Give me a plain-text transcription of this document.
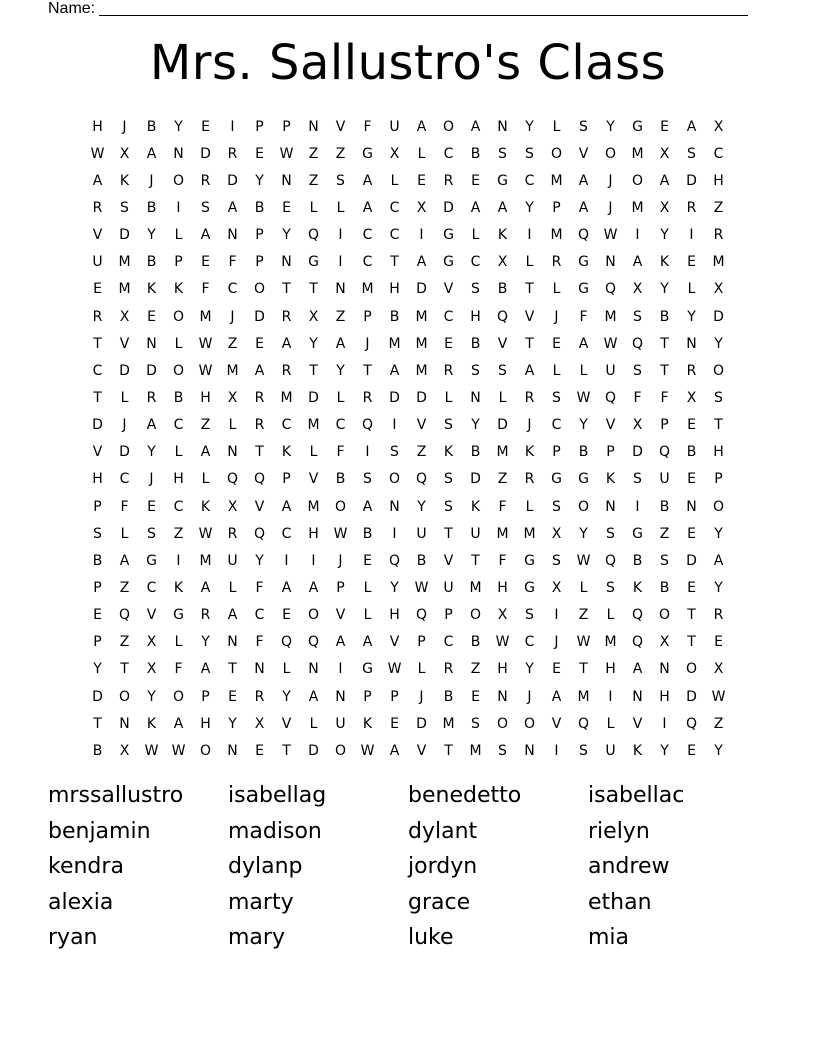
Name:
Mrs. Sallustro's Class
H	J	B	Y	E	I	P	P	N	V	F	U	A	O	A	N	Y	L	S	Y	G	E	A	X
W	X	A	N	D	R	E	W	Z	Z	G	X	L	C	B	S	S	O	V	O	M	X	S	C
A	K	J	O	R	D	Y	N	Z	S	A	L	E	R	E	G	C	M	A	J	O	A	D	H
R	S	B	I	S	A	B	E	L	L	A	C	X	D	A	A	Y	P	A	J	M	X	R	Z
V	D	Y	L	A	N	P	Y	Q	I	C	C	I	G	L	K	I	M	Q	W	I	Y	I	R
U	M	B	P	E	F	P	N	G	I	C	T	A	G	C	X	L	R	G	N	A	K	E	M
E	M	K	K	F	C	O	T	T	N	M	H	D	V	S	B	T	L	G	Q	X	Y	L	X
R	X	E	O	M	J	D	R	X	Z	P	B	M	C	H	Q	V	J	F	M	S	B	Y	D
T	V	N	L	W	Z	E	A	Y	A	J	M	M	E	B	V	T	E	A	W	Q	T	N	Y
C	D	D	O	W	M	A	R	T	Y	T	A	M	R	S	S	A	L	L	U	S	T	R	O
T	L	R	B	H	X	R	M	D	L	R	D	D	L	N	L	R	S	W	Q	F	F	X	S
D	J	A	C	Z	L	R	C	M	C	Q	I	V	S	Y	D	J	C	Y	V	X	P	E	T
V	D	Y	L	A	N	T	K	L	F	I	S	Z	K	B	M	K	P	B	P	D	Q	B	H
H	C	J	H	L	Q	Q	P	V	B	S	O	Q	S	D	Z	R	G	G	K	S	U	E	P
P	F	E	C	K	X	V	A	M	O	A	N	Y	S	K	F	L	S	O	N	I	B	N	O
S	L	S	Z	W	R	Q	C	H	W	B	I	U	T	U	M	M	X	Y	S	G	Z	E	Y
B	A	G	I	M	U	Y	I	I	J	E	Q	B	V	T	F	G	S	W	Q	B	S	D	A
P	Z	C	K	A	L	F	A	A	P	L	Y	W	U	M	H	G	X	L	S	K	B	E	Y
E	Q	V	G	R	A	C	E	O	V	L	H	Q	P	O	X	S	I	Z	L	Q	O	T	R
P	Z	X	L	Y	N	F	Q	Q	A	A	V	P	C	B	W	C	J	W	M	Q	X	T	E
Y	T	X	F	A	T	N	L	N	I	G	W	L	R	Z	H	Y	E	T	H	A	N	O	X
D	O	Y	O	P	E	R	Y	A	N	P	P	J	B	E	N	J	A	M	I	N	H	D	W
T	N	K	A	H	Y	X	V	L	U	K	E	D	M	S	O	O	V	Q	L	V	I	Q	Z
B	X	W W	O	N	E	T	D	O	W	A	V	T	M	S	N	I	S	U	K	Y	E	Y
mrssallustro	isabellag	benedetto	isabellac
benjamin	madison	dylant	rielyn
kendra	dylanp	jordyn	andrew
alexia	marty	grace	ethan
ryan	mary	luke	mia
